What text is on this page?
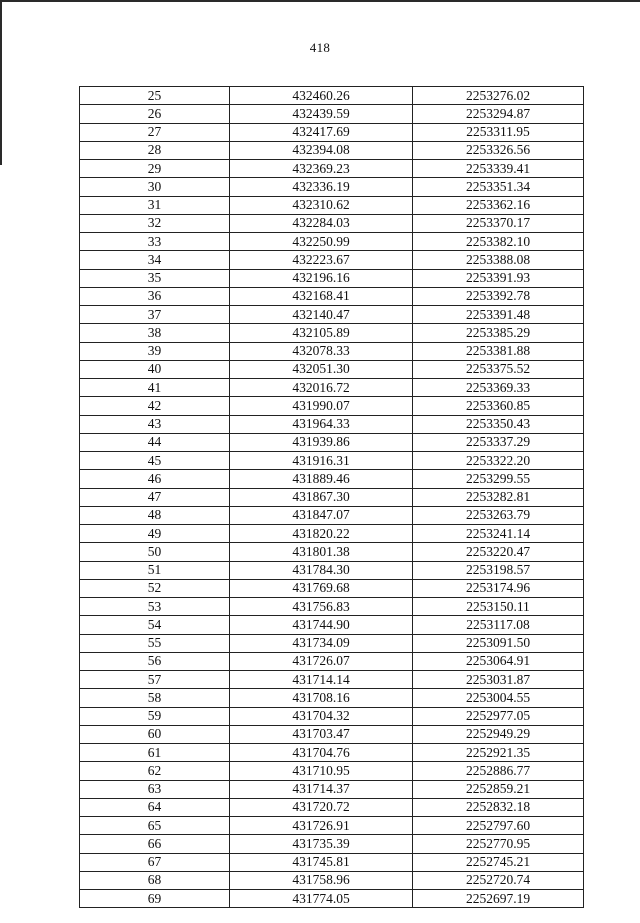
418
25	432460.26	2253276.02
26	432439.59	2253294.87
27	432417.69	2253311.95
28	432394.08	2253326.56
29	432369.23	2253339.41
30	432336.19	2253351.34
31	432310.62	2253362.16
32	432284.03	2253370.17
33	432250.99	2253382.10
34	432223.67	2253388.08
35	432196.16	2253391.93
36	432168.41	2253392.78
37	432140.47	2253391.48
38	432105.89	2253385.29
39	432078.33	2253381.88
40	432051.30	2253375.52
41	432016.72	2253369.33
42	431990.07	2253360.85
43	431964.33	2253350.43
44	431939.86	2253337.29
45	431916.31	2253322.20
46	431889.46	2253299.55
47	431867.30	2253282.81
48	431847.07	2253263.79
49	431820.22	2253241.14
50	431801.38	2253220.47
51	431784.30	2253198.57
52	431769.68	2253174.96
53	431756.83	2253150.11
54	431744.90	2253117.08
55	431734.09	2253091.50
56	431726.07	2253064.91
57	431714.14	2253031.87
58	431708.16	2253004.55
59	431704.32	2252977.05
60	431703.47	2252949.29
61	431704.76	2252921.35
62	431710.95	2252886.77
63	431714.37	2252859.21
64	431720.72	2252832.18
65	431726.91	2252797.60
66	431735.39	2252770.95
67	431745.81	2252745.21
68	431758.96	2252720.74
69	431774.05	2252697.19
